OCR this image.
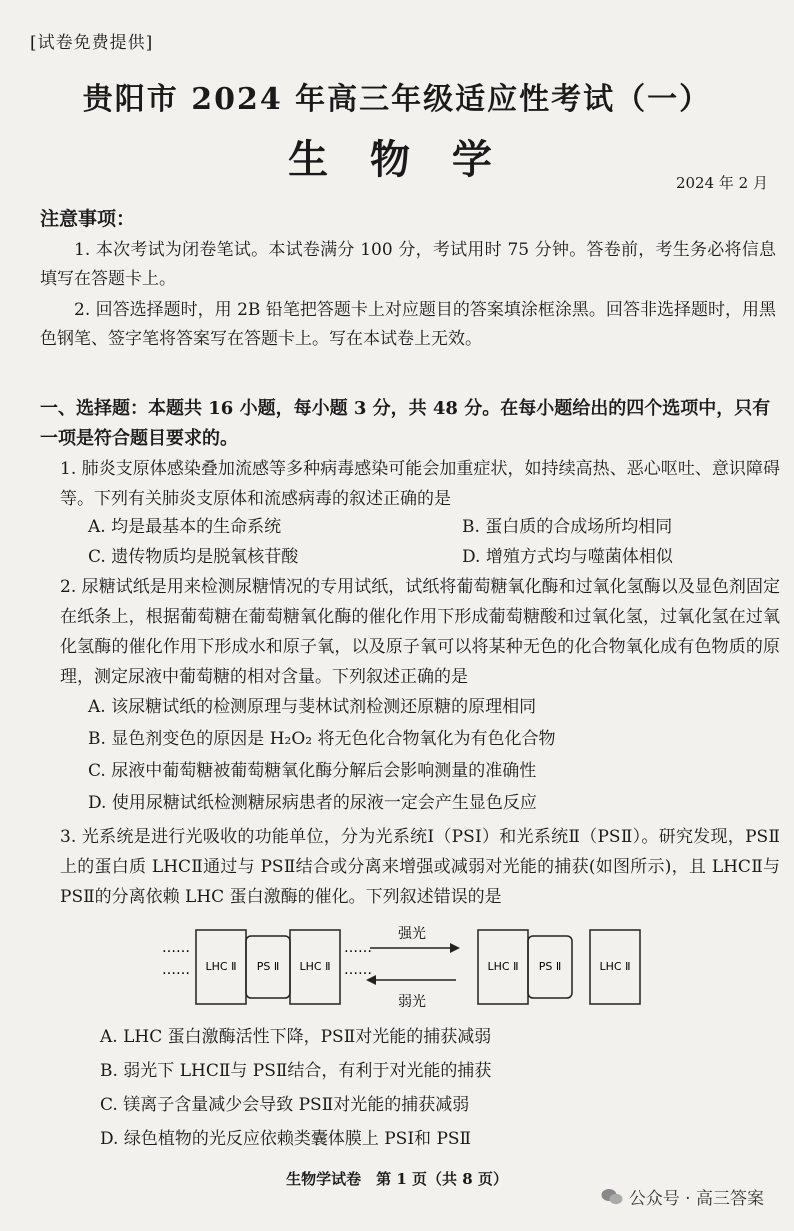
[试卷免费提供]
贵阳市 2024 年高三年级适应性考试（一）
生 物 学	2024 年 2 月
注意事项：
1. 本次考试为闭卷笔试。本试卷满分 100 分，考试用时 75 分钟。答卷前，考生务必将信息填写在答题卡上。
2. 回答选择题时，用 2B 铅笔把答题卡上对应题目的答案填涂框涂黑。回答非选择题时，用黑色钢笔、签字笔将答案写在答题卡上。写在本试卷上无效。
一、选择题：本题共 16 小题，每小题 3 分，共 48 分。在每小题给出的四个选项中，只有一项是符合题目要求的。
1. 肺炎支原体感染叠加流感等多种病毒感染可能会加重症状，如持续高热、恶心呕吐、意识障碍等。下列有关肺炎支原体和流感病毒的叙述正确的是
A. 均是最基本的生命系统	B. 蛋白质的合成场所均相同
C. 遗传物质均是脱氧核苷酸	D. 增殖方式均与噬菌体相似
2. 尿糖试纸是用来检测尿糖情况的专用试纸，试纸将葡萄糖氧化酶和过氧化氢酶以及显色剂固定在纸条上，根据葡萄糖在葡萄糖氧化酶的催化作用下形成葡萄糖酸和过氧化氢，过氧化氢在过氧化氢酶的催化作用下形成水和原子氧，以及原子氧可以将某种无色的化合物氧化成有色物质的原理，测定尿液中葡萄糖的相对含量。下列叙述正确的是
A. 该尿糖试纸的检测原理与斐林试剂检测还原糖的原理相同
B. 显色剂变色的原因是 H₂O₂ 将无色化合物氧化为有色化合物
C. 尿液中葡萄糖被葡萄糖氧化酶分解后会影响测量的准确性
D. 使用尿糖试纸检测糖尿病患者的尿液一定会产生显色反应
3. 光系统是进行光吸收的功能单位，分为光系统Ⅰ（PSⅠ）和光系统Ⅱ（PSⅡ）。研究发现，PSⅡ上的蛋白质 LHCⅡ通过与 PSⅡ结合或分离来增强或减弱对光能的捕获(如图所示)，且 LHCⅡ与 PSⅡ的分离依赖 LHC 蛋白激酶的催化。下列叙述错误的是
……
…… LHC Ⅱ PS Ⅱ LHC Ⅱ
……
……
强光
弱光
LHC Ⅱ PS Ⅱ	LHC Ⅱ
A. LHC 蛋白激酶活性下降，PSⅡ对光能的捕获减弱
B. 弱光下 LHCⅡ与 PSⅡ结合，有利于对光能的捕获
C. 镁离子含量减少会导致 PSⅡ对光能的捕获减弱
D. 绿色植物的光反应依赖类囊体膜上 PSⅠ和 PSⅡ
生物学试卷　第 1 页（共 8 页）
公众号 · 高三答案
